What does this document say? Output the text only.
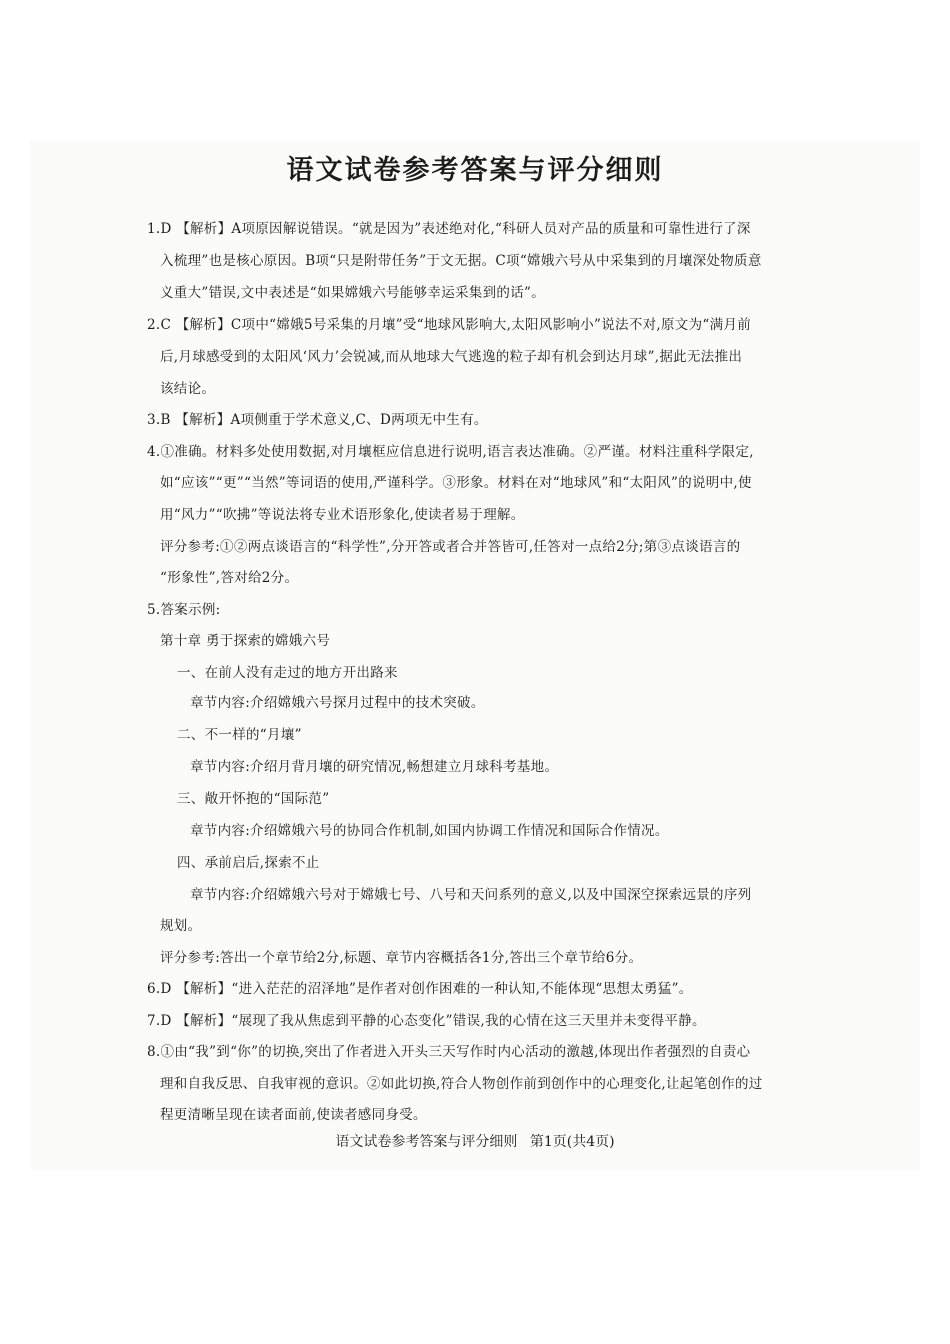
语文试卷参考答案与评分细则
1.D 【解析】A项原因解说错误。“就是因为”表述绝对化,“科研人员对产品的质量和可靠性进行了深
入梳理”也是核心原因。B项“只是附带任务”于文无据。C项“嫦娥六号从中采集到的月壤深处物质意
义重大”错误,文中表述是“如果嫦娥六号能够幸运采集到的话”。
2.C 【解析】C项中“嫦娥5号采集的月壤”受“地球风影响大,太阳风影响小”说法不对,原文为“满月前
后,月球感受到的太阳风‘风力’会锐减,而从地球大气逃逸的粒子却有机会到达月球”,据此无法推出
该结论。
3.B 【解析】A项侧重于学术意义,C、D两项无中生有。
4.①准确。材料多处使用数据,对月壤框应信息进行说明,语言表达准确。②严谨。材料注重科学限定,
如“应该”“更”“当然”等词语的使用,严谨科学。③形象。材料在对“地球风”和“太阳风”的说明中,使
用“风力”“吹拂”等说法将专业术语形象化,使读者易于理解。
评分参考:①②两点谈语言的“科学性”,分开答或者合并答皆可,任答对一点给2分;第③点谈语言的
“形象性”,答对给2分。
5.答案示例:
第十章 勇于探索的嫦娥六号
一、在前人没有走过的地方开出路来
章节内容:介绍嫦娥六号探月过程中的技术突破。
二、不一样的“月壤”
章节内容:介绍月背月壤的研究情况,畅想建立月球科考基地。
三、敞开怀抱的“国际范”
章节内容:介绍嫦娥六号的协同合作机制,如国内协调工作情况和国际合作情况。
四、承前启后,探索不止
章节内容:介绍嫦娥六号对于嫦娥七号、八号和天问系列的意义,以及中国深空探索远景的序列
规划。
评分参考:答出一个章节给2分,标题、章节内容概括各1分,答出三个章节给6分。
6.D 【解析】“进入茫茫的沼泽地”是作者对创作困难的一种认知,不能体现“思想太勇猛”。
7.D 【解析】“展现了我从焦虑到平静的心态变化”错误,我的心情在这三天里并未变得平静。
8.①由“我”到“你”的切换,突出了作者进入开头三天写作时内心活动的激越,体现出作者强烈的自责心
理和自我反思、自我审视的意识。②如此切换,符合人物创作前到创作中的心理变化,让起笔创作的过
程更清晰呈现在读者面前,使读者感同身受。
语文试卷参考答案与评分细则 第1页(共4页)
